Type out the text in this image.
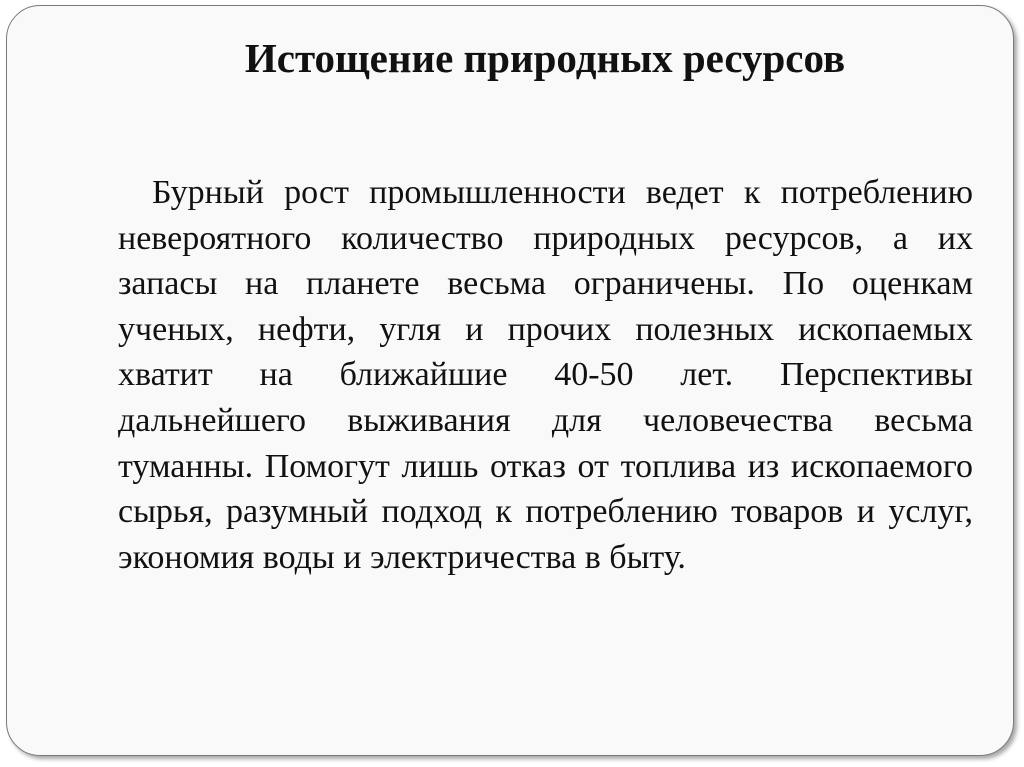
Истощение природных ресурсов

Бурный рост промышленности ведет к потреблению невероятного количество природных ресурсов, а их запасы на планете весьма ограничены. По оценкам ученых, нефти, угля и прочих полезных ископаемых хватит на ближайшие 40-50 лет. Перспективы дальнейшего выживания для человечества весьма туманны. Помогут лишь отказ от топлива из ископаемого сырья, разумный подход к потреблению товаров и услуг, экономия воды и электричества в быту.
